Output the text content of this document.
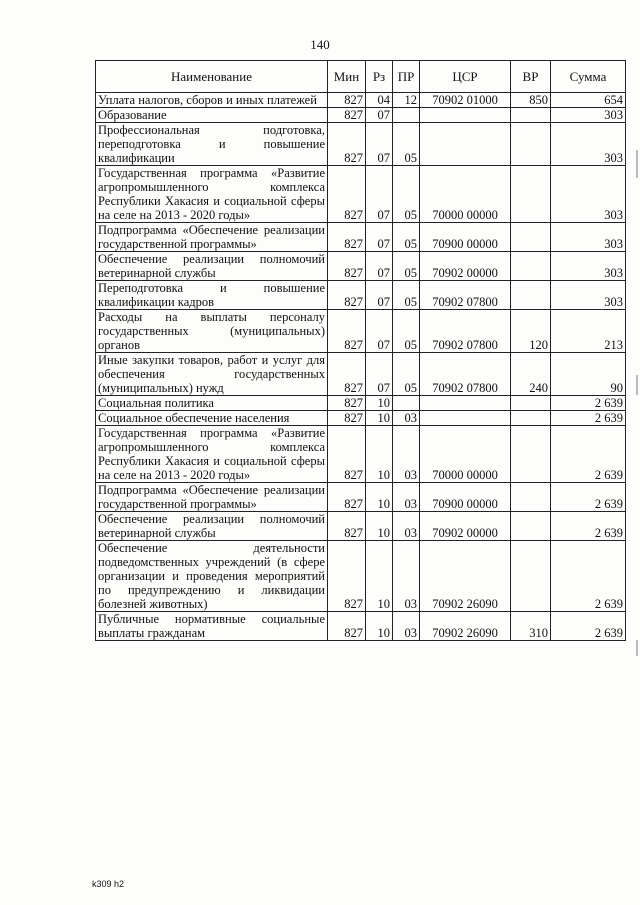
140
Наименование	Мин	Рз	ПР	ЦСР	ВР	Сумма
Уплата налогов, сборов и иных платежей	827	04	12	70902 01000	850	654
Образование	827	07				303
Профессиональная подготовка, переподготовка и повышение квалификации	827	07	05			303
Государственная программа «Развитие агропромышленного комплекса Республики Хакасия и социальной сферы на селе на 2013 - 2020 годы»	827	07	05	70000 00000		303
Подпрограмма «Обеспечение реализации государственной программы»	827	07	05	70900 00000		303
Обеспечение реализации полномочий ветеринарной службы	827	07	05	70902 00000		303
Переподготовка и повышение квалификации кадров	827	07	05	70902 07800		303
Расходы на выплаты персоналу государственных (муниципальных) органов	827	07	05	70902 07800	120	213
Иные закупки товаров, работ и услуг для обеспечения государственных (муниципальных) нужд	827	07	05	70902 07800	240	90
Социальная политика	827	10				2 639
Социальное обеспечение населения	827	10	03			2 639
Государственная программа «Развитие агропромышленного комплекса Республики Хакасия и социальной сферы на селе на 2013 - 2020 годы»	827	10	03	70000 00000		2 639
Подпрограмма «Обеспечение реализации государственной программы»	827	10	03	70900 00000		2 639
Обеспечение реализации полномочий ветеринарной службы	827	10	03	70902 00000		2 639
Обеспечение деятельности подведомственных учреждений (в сфере организации и проведения мероприятий по предупреждению и ликвидации болезней животных)	827	10	03	70902 26090		2 639
Публичные нормативные социальные выплаты гражданам	827	10	03	70902 26090	310	2 639
k309 h2
